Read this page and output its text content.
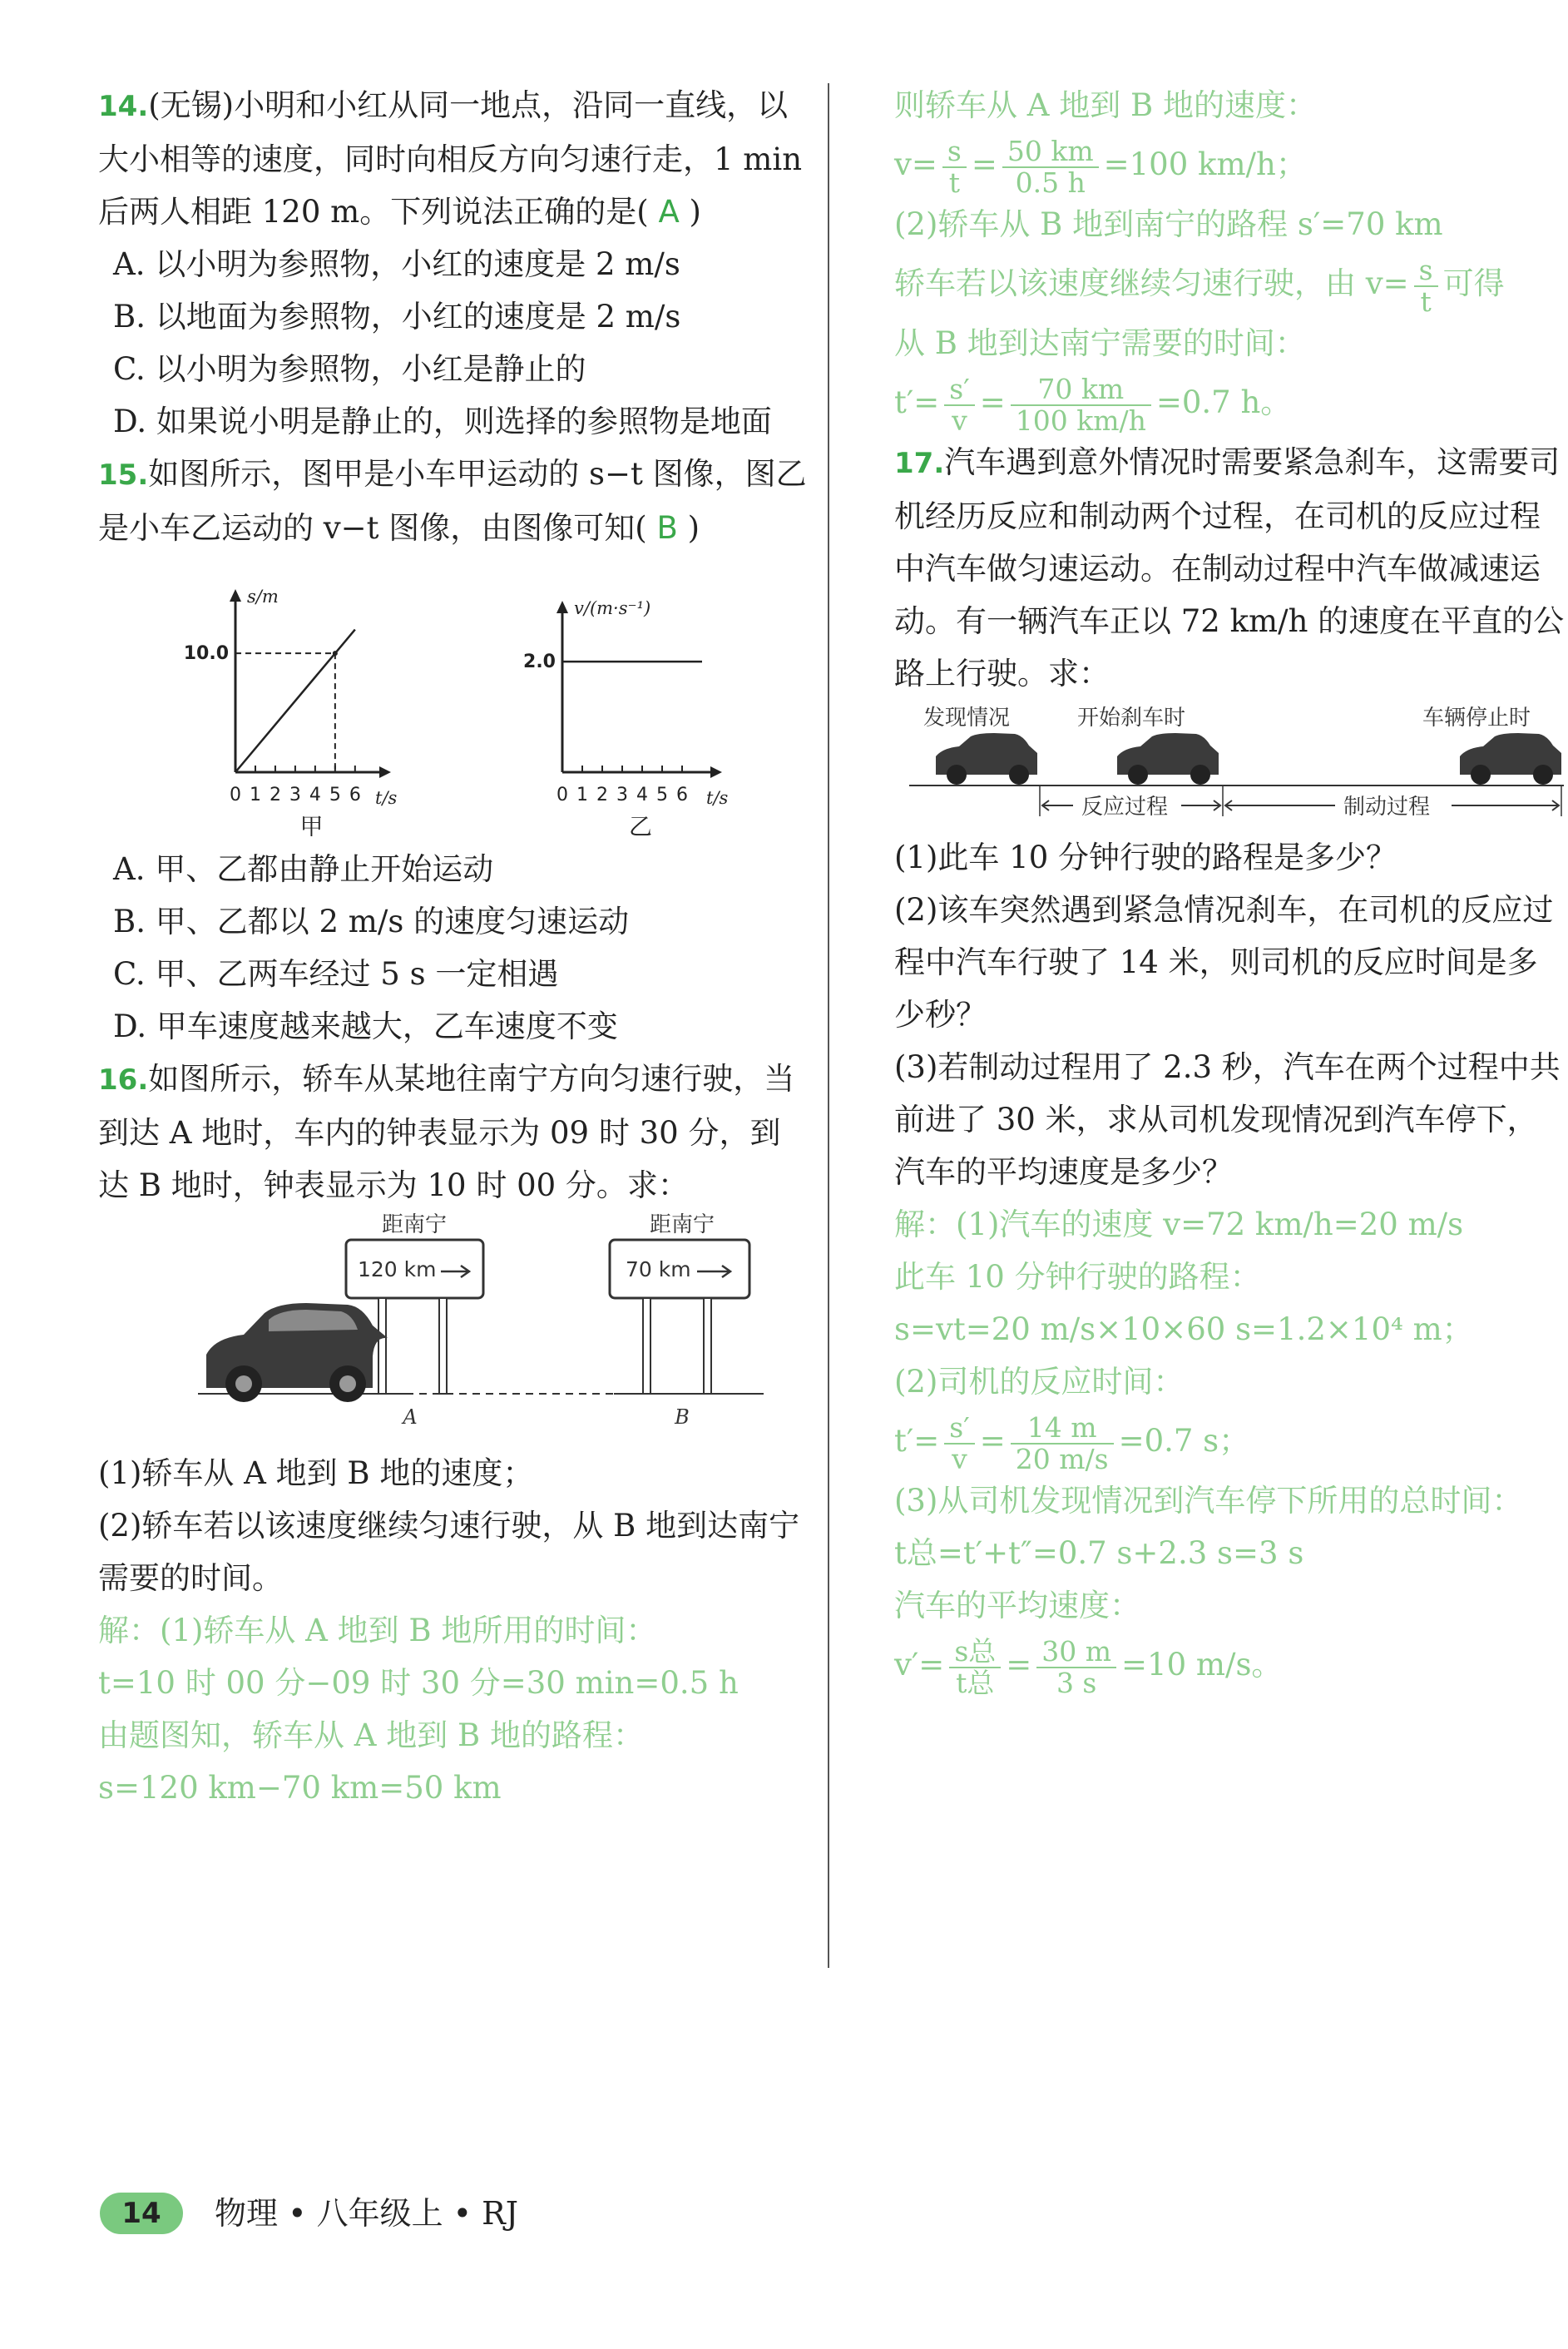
14.(无锡)小明和小红从同一地点，沿同一直线，以大小相等的速度，同时向相反方向匀速行走，1 min后两人相距 120 m。下列说法正确的是( A )
A. 以小明为参照物，小红的速度是 2 m/s
B. 以地面为参照物，小红的速度是 2 m/s
C. 以小明为参照物，小红是静止的
D. 如果说小明是静止的，则选择的参照物是地面
15.如图所示，图甲是小车甲运动的 s−t 图像，图乙是小车乙运动的 v−t 图像，由图像可知( B )
s/m
t/s
0 1 2 3 4 5 6
10.0
甲
v/(m·s⁻¹)
t/s
0 1 2 3 4 5 6
2.0
乙
A. 甲、乙都由静止开始运动
B. 甲、乙都以 2 m/s 的速度匀速运动
C. 甲、乙两车经过 5 s 一定相遇
D. 甲车速度越来越大，乙车速度不变
16.如图所示，轿车从某地往南宁方向匀速行驶，当到达 A 地时，车内的钟表显示为 09 时 30 分，到达 B 地时，钟表显示为 10 时 00 分。求：
距南宁
120 km
A
距南宁
70 km
B
(1)轿车从 A 地到 B 地的速度；
(2)轿车若以该速度继续匀速行驶，从 B 地到达南宁需要的时间。
解：(1)轿车从 A 地到 B 地所用的时间：
t=10 时 00 分−09 时 30 分=30 min=0.5 h
由题图知，轿车从 A 地到 B 地的路程：
s=120 km−70 km=50 km
则轿车从 A 地到 B 地的速度：
$v= \frac{s}{t} = \frac{50 km}{0.5 h} =100$ km/h；
(2)轿车从 B 地到南宁的路程 s′=70 km
轿车若以该速度继续匀速行驶，由 $v= \frac{s}{t}$ 可得
从 B 地到达南宁需要的时间：
$t'= \frac{s'}{v} = \frac{70 km}{100 km/h} =0.7$ h。
17.汽车遇到意外情况时需要紧急刹车，这需要司机经历反应和制动两个过程，在司机的反应过程中汽车做匀速运动。在制动过程中汽车做减速运动。有一辆汽车正以 72 km/h 的速度在平直的公路上行驶。求：
发现情况	开始刹车时	车辆停止时
反应过程	制动过程
(1)此车 10 分钟行驶的路程是多少？
(2)该车突然遇到紧急情况刹车，在司机的反应过程中汽车行驶了 14 米，则司机的反应时间是多少秒？
(3)若制动过程用了 2.3 秒，汽车在两个过程中共前进了 30 米，求从司机发现情况到汽车停下，汽车的平均速度是多少？
解：(1)汽车的速度 v=72 km/h=20 m/s
此车 10 分钟行驶的路程：
s=vt=20 m/s×10×60 s=1.2×10⁴ m；
(2)司机的反应时间：
$t'= \frac{s'}{v} = \frac{14 m}{20 m/s} =0.7$ s；
(3)从司机发现情况到汽车停下所用的总时间：
t总=t′+t″=0.7 s+2.3 s=3 s
汽车的平均速度：
$v'= \frac{\text{s总}}{\text{t总}} = \frac{30 m}{3 s} =10$ m/s。
14	物理 • 八年级上 • RJ
